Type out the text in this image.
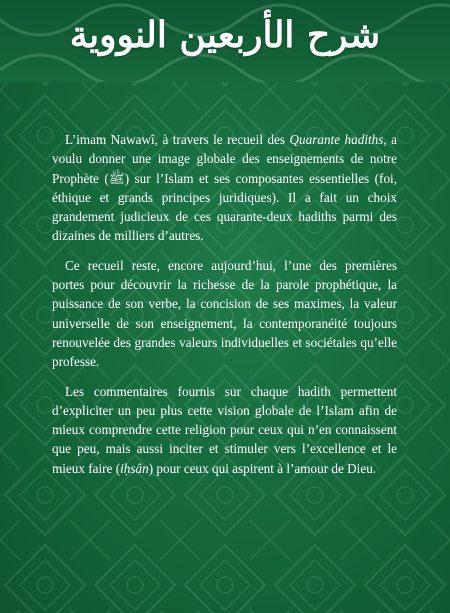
شرح الأربعين النووية

L’imam Nawawî, à travers le recueil des Quarante hadiths, a voulu donner une image globale des enseignements de notre Prophète (ﷺ) sur l’Islam et ses composantes essentielles (foi, éthique et grands principes juridiques). Il a fait un choix grandement judicieux de ces quarante-deux hadiths parmi des dizaines de milliers d’autres.

Ce recueil reste, encore aujourd’hui, l’une des premières portes pour découvrir la richesse de la parole prophétique, la puissance de son verbe, la concision de ses maximes, la valeur universelle de son enseignement, la contemporanéité toujours renouvelée des grandes valeurs individuelles et sociétales qu’elle professe.

Les commentaires fournis sur chaque hadith permettent d’expliciter un peu plus cette vision globale de l’Islam afin de mieux comprendre cette religion pour ceux qui n’en connaissent que peu, mais aussi inciter et stimuler vers l’excellence et le mieux faire (iḥsân) pour ceux qui aspirent à l’amour de Dieu.
